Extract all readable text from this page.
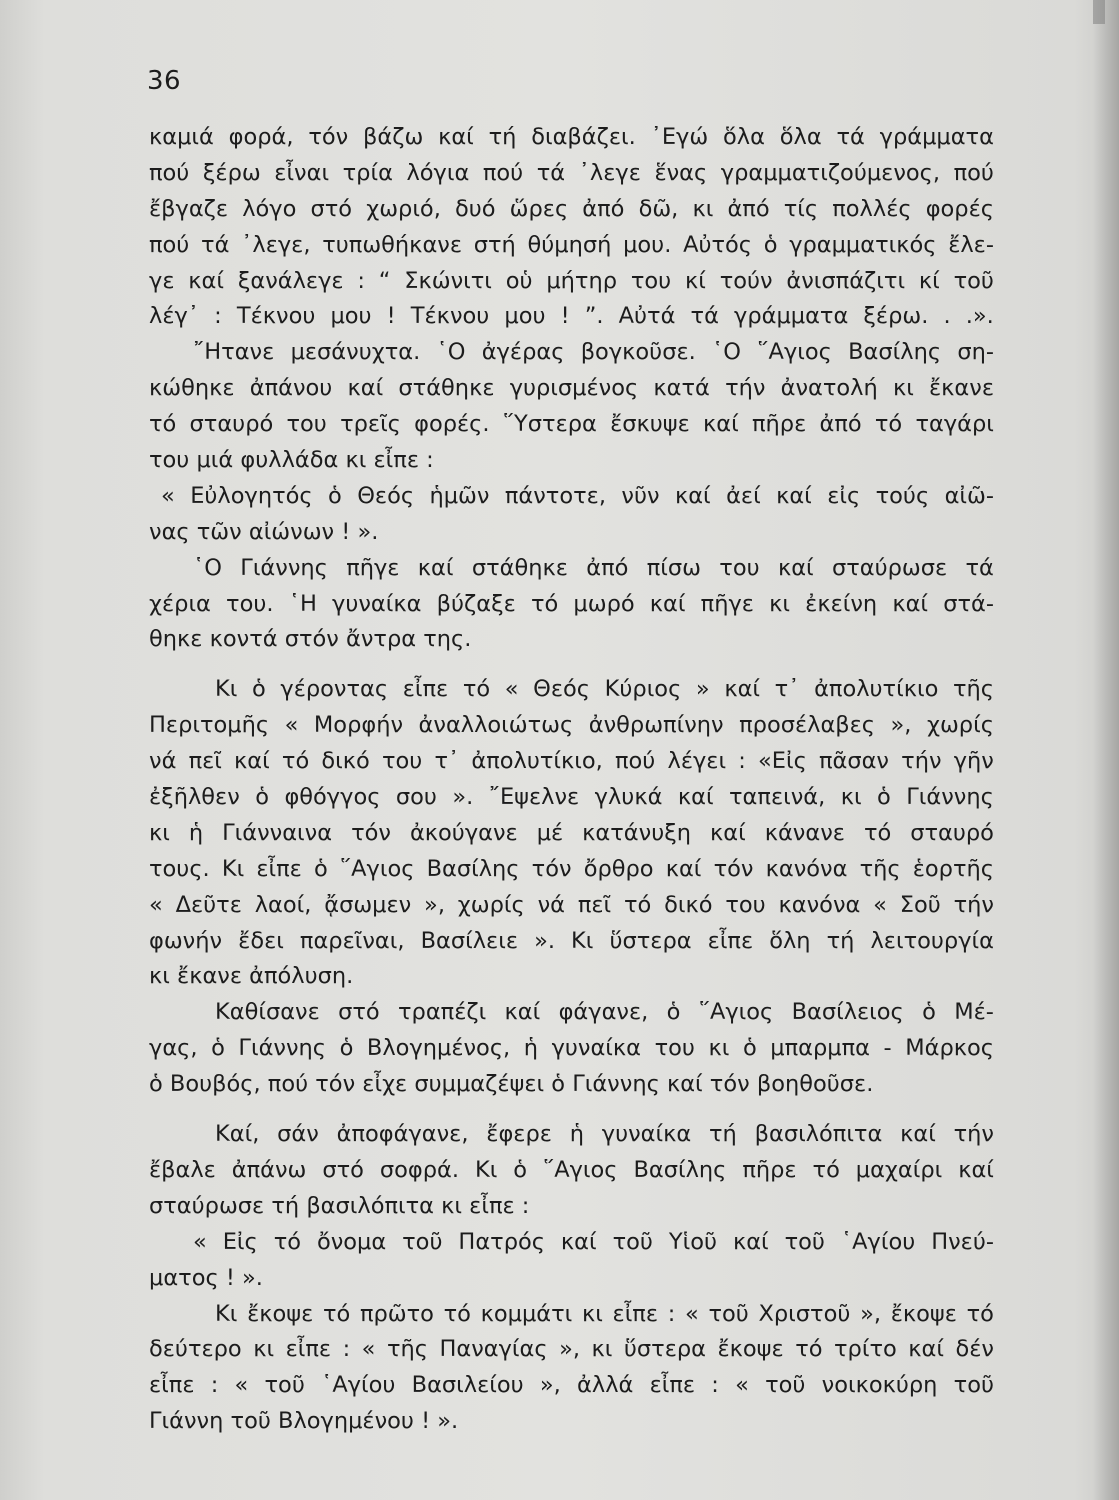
36
καμιά φορά, τόν βάζω καί τή διαβάζει. ᾿Εγώ ὅλα ὅλα τά γράμματα
πού ξέρω εἶναι τρία λόγια πού τά ᾿λεγε ἕνας γραμματιζούμενος, πού
ἔβγαζε λόγο στό χωριό, δυό ὥρες ἀπό δῶ, κι ἀπό τίς πολλές φορές
πού τά ᾿λεγε, τυπωθήκανε στή θύμησή μου. Αὐτός ὁ γραμματικός ἔλε-
γε καί ξανάλεγε : “ Σκώνιτι οὑ μήτηρ του κί τούν ἀνισπάζιτι κί τοῦ
λέγ᾿ : Τέκνου μου ! Τέκνου μου ! ”. Αὐτά τά γράμματα ξέρω. . .».
῎Ητανε μεσάνυχτα. ῾Ο ἀγέρας βογκοῦσε. ῾Ο ῞Αγιος Βασίλης ση-
κώθηκε ἀπάνου καί στάθηκε γυρισμένος κατά τήν ἀνατολή κι ἔκανε
τό σταυρό του τρεῖς φορές. ῞Υστερα ἔσκυψε καί πῆρε ἀπό τό ταγάρι
του μιά φυλλάδα κι εἶπε :
« Εὐλογητός ὁ Θεός ἡμῶν πάντοτε, νῦν καί ἀεί καί εἰς τούς αἰῶ-
νας τῶν αἰώνων ! ».
῾Ο Γιάννης πῆγε καί στάθηκε ἀπό πίσω του καί σταύρωσε τά
χέρια του. ῾Η γυναίκα βύζαξε τό μωρό καί πῆγε κι ἐκείνη καί στά-
θηκε κοντά στόν ἄντρα της.
Κι ὁ γέροντας εἶπε τό « Θεός Κύριος » καί τ᾿ ἀπολυτίκιο τῆς
Περιτομῆς « Μορφήν ἀναλλοιώτως ἀνθρωπίνην προσέλαβες », χωρίς
νά πεῖ καί τό δικό του τ᾿ ἀπολυτίκιο, πού λέγει : «Εἰς πᾶσαν τήν γῆν
ἐξῆλθεν ὁ φθόγγος σου ». ῎Εψελνε γλυκά καί ταπεινά, κι ὁ Γιάννης
κι ἡ Γιάνναινα τόν ἀκούγανε μέ κατάνυξη καί κάνανε τό σταυρό
τους. Κι εἶπε ὁ ῞Αγιος Βασίλης τόν ὄρθρο καί τόν κανόνα τῆς ἑορτῆς
« Δεῦτε λαοί, ᾄσωμεν », χωρίς νά πεῖ τό δικό του κανόνα « Σοῦ τήν
φωνήν ἔδει παρεῖναι, Βασίλειε ». Κι ὕστερα εἶπε ὅλη τή λειτουργία
κι ἔκανε ἀπόλυση.
Καθίσανε στό τραπέζι καί φάγανε, ὁ ῞Αγιος Βασίλειος ὁ Μέ-
γας, ὁ Γιάννης ὁ Βλογημένος, ἡ γυναίκα του κι ὁ μπαρμπα - Μάρκος
ὁ Βουβός, πού τόν εἶχε συμμαζέψει ὁ Γιάννης καί τόν βοηθοῦσε.
Καί, σάν ἀποφάγανε, ἔφερε ἡ γυναίκα τή βασιλόπιτα καί τήν
ἔβαλε ἀπάνω στό σοφρά. Κι ὁ ῞Αγιος Βασίλης πῆρε τό μαχαίρι καί
σταύρωσε τή βασιλόπιτα κι εἶπε :
« Εἰς τό ὄνομα τοῦ Πατρός καί τοῦ Υἱοῦ καί τοῦ ῾Αγίου Πνεύ-
ματος ! ».
Κι ἔκοψε τό πρῶτο τό κομμάτι κι εἶπε : « τοῦ Χριστοῦ », ἔκοψε τό
δεύτερο κι εἶπε : « τῆς Παναγίας », κι ὕστερα ἔκοψε τό τρίτο καί δέν
εἶπε : « τοῦ ῾Αγίου Βασιλείου », ἀλλά εἶπε : « τοῦ νοικοκύρη τοῦ
Γιάννη τοῦ Βλογημένου ! ».
